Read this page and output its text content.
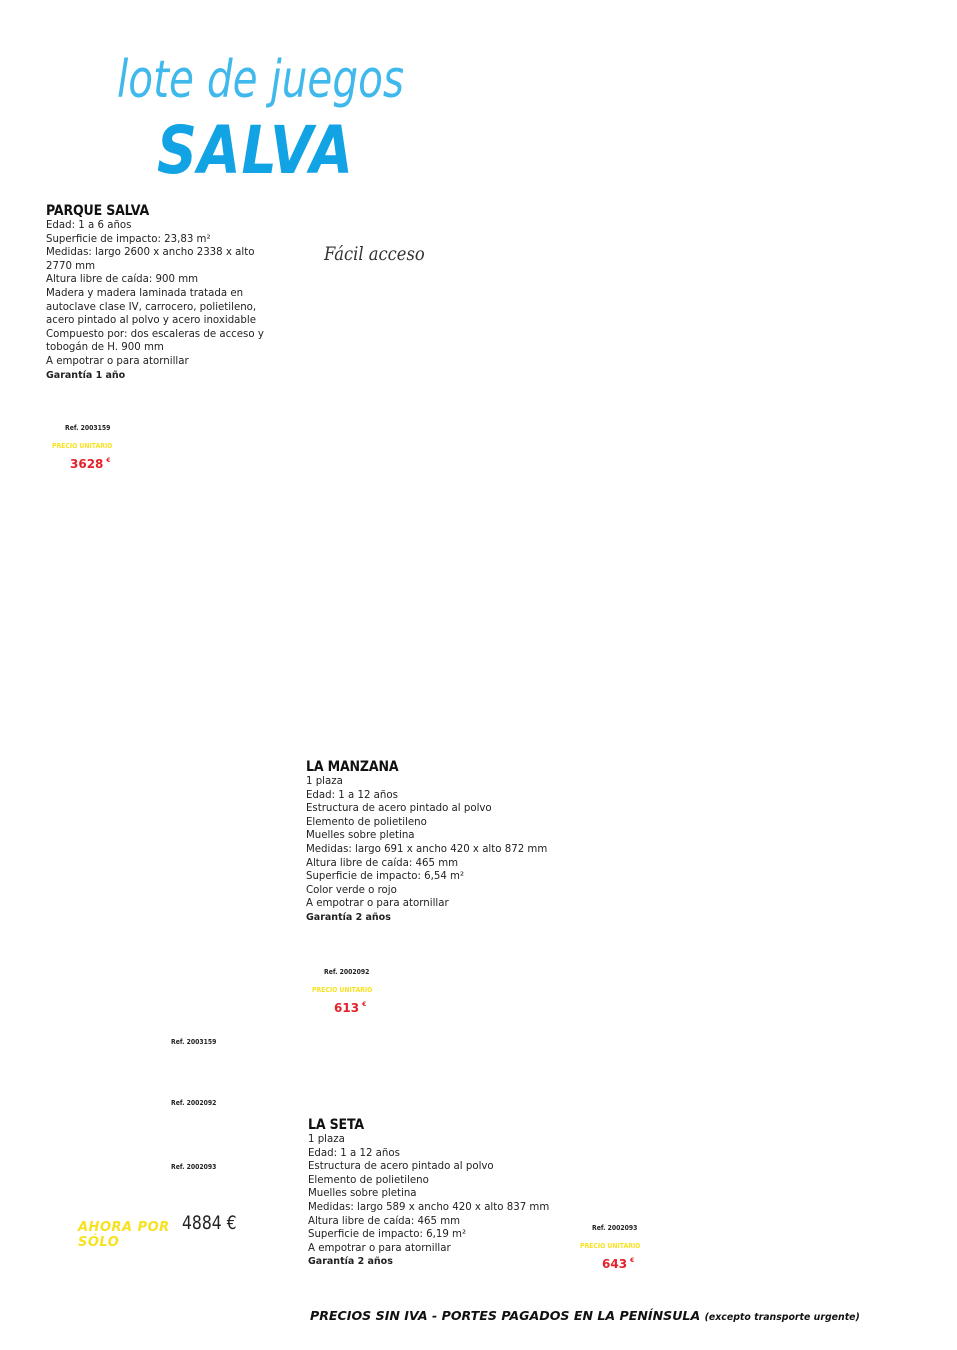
lote de juegos
SALVA
PARQUE SALVA
Edad: 1 a 6 años
Superficie de impacto: 23,83 m²
Medidas: largo 2600 x ancho 2338 x alto 2770 mm
Altura libre de caída: 900 mm
Madera y madera laminada tratada en autoclave clase IV, carrocero, polietileno, acero pintado al polvo y acero inoxidable
Compuesto por: dos escaleras de acceso y tobogán de H. 900 mm
A empotrar o para atornillar
Garantía 1 año
Ref. 2003159
PRECIO UNITARIO
3628 €
Fácil acceso
LA MANZANA
1 plaza
Edad: 1 a 12 años
Estructura de acero pintado al polvo
Elemento de polietileno
Muelles sobre pletina
Medidas: largo 691 x ancho 420 x alto 872 mm
Altura libre de caída: 465 mm
Superficie de impacto: 6,54 m²
Color verde o rojo
A empotrar o para atornillar
Garantía 2 años
Ref. 2002092
PRECIO UNITARIO
613 €
Ref. 2003159
Ref. 2002092
Ref. 2002093
LA SETA
1 plaza
Edad: 1 a 12 años
Estructura de acero pintado al polvo
Elemento de polietileno
Muelles sobre pletina
Medidas: largo 589 x ancho 420 x alto 837 mm
Altura libre de caída: 465 mm
Superficie de impacto: 6,19 m²
A empotrar o para atornillar
Garantía 2 años
Ref. 2002093
PRECIO UNITARIO
643 €
AHORA POR
SÓLO
4884 €
PRECIOS SIN IVA - PORTES PAGADOS EN LA PENÍNSULA (excepto transporte urgente)
